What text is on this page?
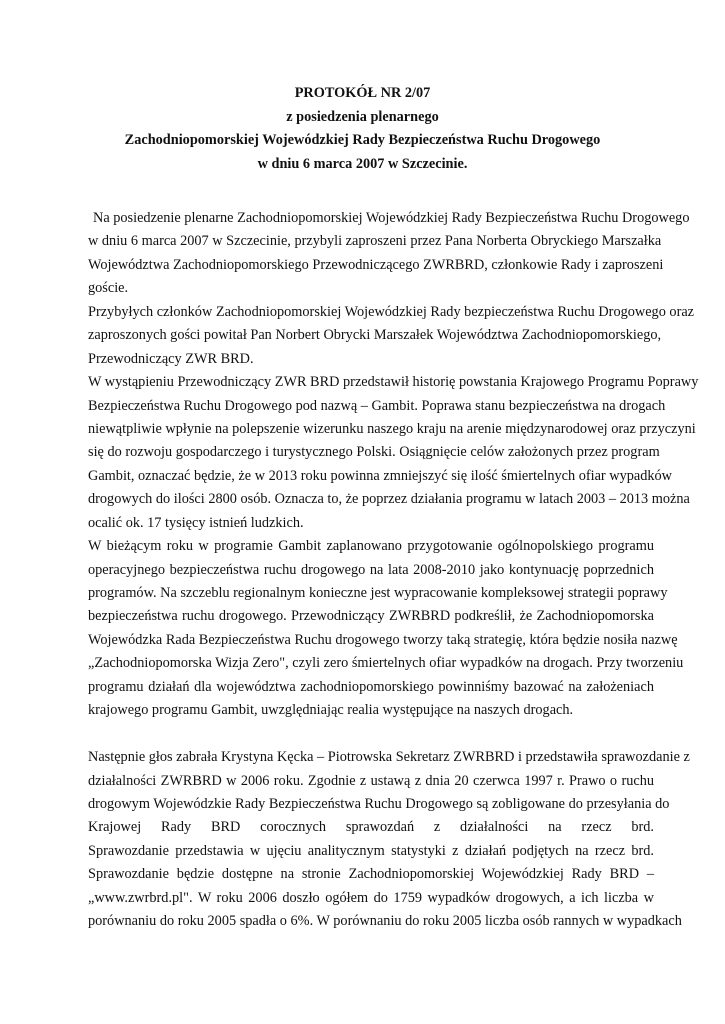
PROTOKÓŁ NR 2/07
z posiedzenia plenarnego
Zachodniopomorskiej Wojewódzkiej Rady Bezpieczeństwa Ruchu Drogowego
w dniu 6 marca 2007 w Szczecinie.
Na posiedzenie plenarne Zachodniopomorskiej Wojewódzkiej Rady Bezpieczeństwa Ruchu Drogowego
w dniu 6 marca 2007 w Szczecinie, przybyli zaproszeni przez Pana Norberta Obryckiego Marszałka
Województwa Zachodniopomorskiego Przewodniczącego ZWRBRD, członkowie Rady i zaproszeni
goście.
Przybyłych członków Zachodniopomorskiej Wojewódzkiej Rady bezpieczeństwa Ruchu Drogowego oraz
zaproszonych gości powitał Pan Norbert Obrycki Marszałek Województwa Zachodniopomorskiego,
Przewodniczący ZWR BRD.
W wystąpieniu Przewodniczący ZWR BRD przedstawił historię powstania Krajowego Programu Poprawy
Bezpieczeństwa Ruchu Drogowego pod nazwą – Gambit. Poprawa stanu bezpieczeństwa na drogach
niewątpliwie wpłynie na polepszenie wizerunku naszego kraju na arenie międzynarodowej oraz przyczyni
się do rozwoju gospodarczego i turystycznego Polski. Osiągnięcie celów założonych przez program
Gambit, oznaczać będzie, że w 2013 roku powinna zmniejszyć się ilość śmiertelnych ofiar wypadków
drogowych do ilości 2800 osób. Oznacza to, że poprzez działania programu w latach 2003 – 2013 można
ocalić ok. 17 tysięcy istnień ludzkich.
W bieżącym roku w programie Gambit zaplanowano przygotowanie ogólnopolskiego programu
operacyjnego bezpieczeństwa ruchu drogowego na lata 2008-2010 jako kontynuację poprzednich
programów. Na szczeblu regionalnym konieczne jest wypracowanie kompleksowej strategii poprawy
bezpieczeństwa ruchu drogowego. Przewodniczący ZWRBRD podkreślił, że Zachodniopomorska
Wojewódzka Rada Bezpieczeństwa Ruchu drogowego tworzy taką strategię, która będzie nosiła nazwę
„Zachodniopomorska Wizja Zero", czyli zero śmiertelnych ofiar wypadków na drogach. Przy tworzeniu
programu działań dla województwa zachodniopomorskiego powinniśmy bazować na założeniach
krajowego programu Gambit, uwzględniając realia występujące na naszych drogach.
Następnie głos zabrała Krystyna Kęcka – Piotrowska Sekretarz ZWRBRD i przedstawiła sprawozdanie z
działalności ZWRBRD w 2006 roku. Zgodnie z ustawą z dnia 20 czerwca 1997 r. Prawo o ruchu
drogowym Wojewódzkie Rady Bezpieczeństwa Ruchu Drogowego są zobligowane do przesyłania do
Krajowej Rady BRD corocznych sprawozdań z działalności na rzecz brd.
Sprawozdanie przedstawia w ujęciu analitycznym statystyki z działań podjętych na rzecz brd.
Sprawozdanie będzie dostępne na stronie Zachodniopomorskiej Wojewódzkiej Rady BRD –
„www.zwrbrd.pl". W roku 2006 doszło ogółem do 1759 wypadków drogowych, a ich liczba w
porównaniu do roku 2005 spadła o 6%. W porównaniu do roku 2005 liczba osób rannych w wypadkach
